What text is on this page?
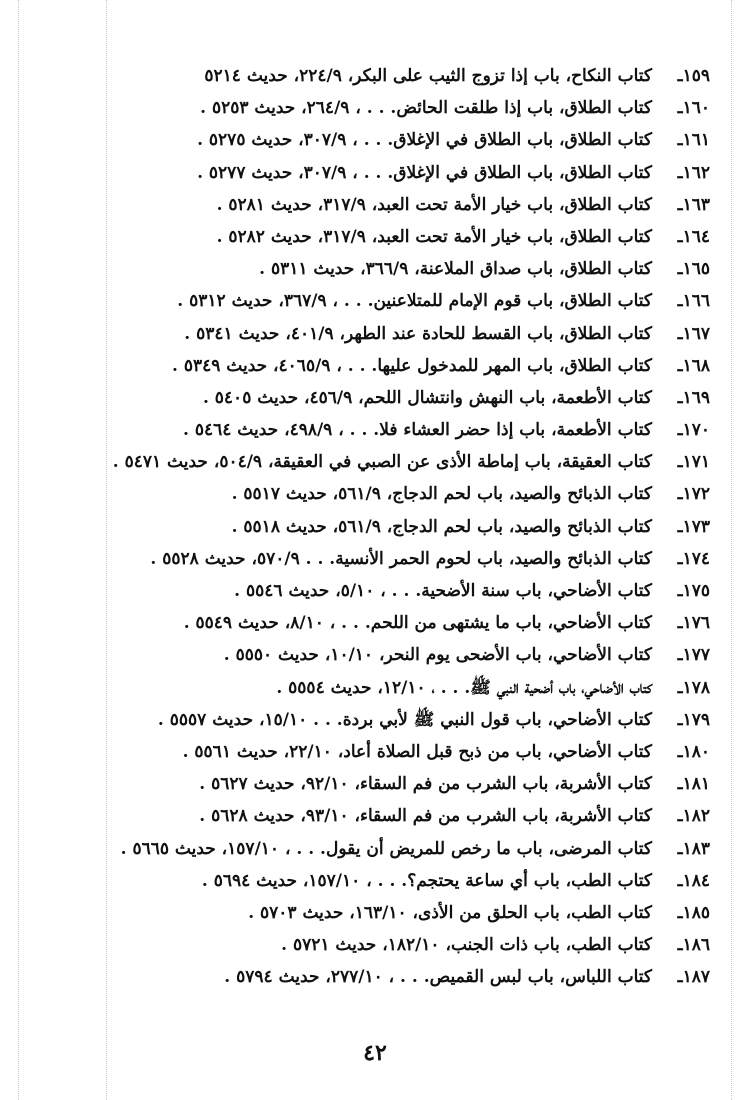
١٥٩ـ
كتاب النكاح، باب إذا تزوج الثيب على البكر، ٢٢٤/٩، حديث ٥٢١٤
١٦٠ـ
كتاب الطلاق، باب إذا طلقت الحائض. . . ، ٢٦٤/٩، حديث ٥٢٥٣ .
١٦١ـ
كتاب الطلاق، باب الطلاق في الإغلاق. . . ، ٣٠٧/٩، حديث ٥٢٧٥ .
١٦٢ـ
كتاب الطلاق، باب الطلاق في الإغلاق. . . ، ٣٠٧/٩، حديث ٥٢٧٧ .
١٦٣ـ
كتاب الطلاق، باب خيار الأمة تحت العبد، ٣١٧/٩، حديث ٥٢٨١ .
١٦٤ـ
كتاب الطلاق، باب خيار الأمة تحت العبد، ٣١٧/٩، حديث ٥٢٨٢ .
١٦٥ـ
كتاب الطلاق، باب صداق الملاعنة، ٣٦٦/٩، حديث ٥٣١١ .
١٦٦ـ
كتاب الطلاق، باب قوم الإمام للمتلاعنين. . . ، ٣٦٧/٩، حديث ٥٣١٢ .
١٦٧ـ
كتاب الطلاق، باب القسط للحادة عند الطهر، ٤٠١/٩، حديث ٥٣٤١ .
١٦٨ـ
كتاب الطلاق، باب المهر للمدخول عليها. . . ، ٤٠٦٥/٩، حديث ٥٣٤٩ .
١٦٩ـ
كتاب الأطعمة، باب النهش وانتشال اللحم، ٤٥٦/٩، حديث ٥٤٠٥ .
١٧٠ـ
كتاب الأطعمة، باب إذا حضر العشاء فلا. . . ، ٤٩٨/٩، حديث ٥٤٦٤ .
١٧١ـ
كتاب العقيقة، باب إماطة الأذى عن الصبي في العقيقة، ٥٠٤/٩، حديث ٥٤٧١ .
١٧٢ـ
كتاب الذبائح والصيد، باب لحم الدجاج، ٥٦١/٩، حديث ٥٥١٧ .
١٧٣ـ
كتاب الذبائح والصيد، باب لحم الدجاج، ٥٦١/٩، حديث ٥٥١٨ .
١٧٤ـ
كتاب الذبائح والصيد، باب لحوم الحمر الأنسية. . . ٥٧٠/٩، حديث ٥٥٢٨ .
١٧٥ـ
كتاب الأضاحي، باب سنة الأضحية. . . ، ٥/١٠، حديث ٥٥٤٦ .
١٧٦ـ
كتاب الأضاحي، باب ما يشتهى من اللحم. . . ، ٨/١٠، حديث ٥٥٤٩ .
١٧٧ـ
كتاب الأضاحي، باب الأضحى يوم النحر، ١٠/١٠، حديث ٥٥٥٠ .
١٧٨ـ
كتاب الأضاحي، باب أضحية النبي ﷺ. . . ، ١٢/١٠، حديث ٥٥٥٤ .
١٧٩ـ
كتاب الأضاحي، باب قول النبي ﷺ لأبي بردة. . . ١٥/١٠، حديث ٥٥٥٧ .
١٨٠ـ
كتاب الأضاحي، باب من ذبح قبل الصلاة أعاد، ٢٢/١٠، حديث ٥٥٦١ .
١٨١ـ
كتاب الأشربة، باب الشرب من فم السقاء، ٩٢/١٠، حديث ٥٦٢٧ .
١٨٢ـ
كتاب الأشربة، باب الشرب من فم السقاء، ٩٣/١٠، حديث ٥٦٢٨ .
١٨٣ـ
كتاب المرضى، باب ما رخص للمريض أن يقول. . . ، ١٥٧/١٠، حديث ٥٦٦٥ .
١٨٤ـ
كتاب الطب، باب أي ساعة يحتجم؟. . . ، ١٥٧/١٠، حديث ٥٦٩٤ .
١٨٥ـ
كتاب الطب، باب الحلق من الأذى، ١٦٣/١٠، حديث ٥٧٠٣ .
١٨٦ـ
كتاب الطب، باب ذات الجنب، ١٨٢/١٠، حديث ٥٧٢١ .
١٨٧ـ
كتاب اللباس، باب لبس القميص. . . ، ٢٧٧/١٠، حديث ٥٧٩٤ .
٤٢
